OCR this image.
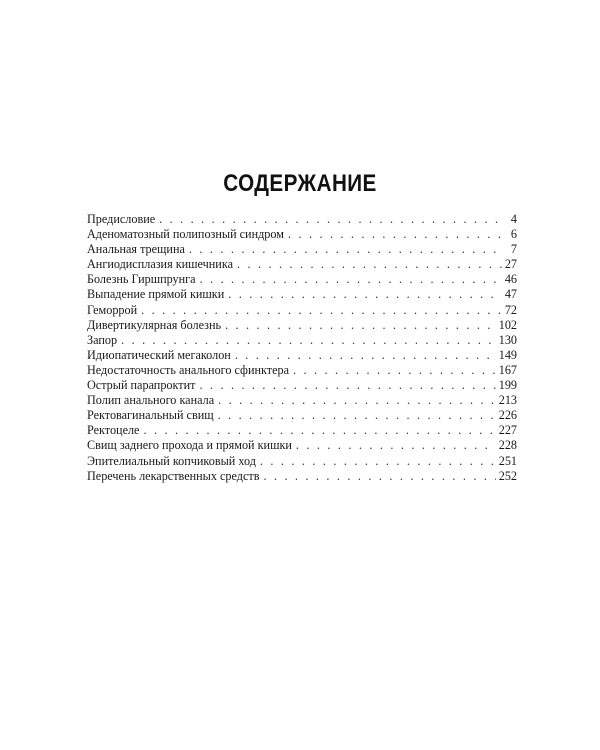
СОДЕРЖАНИЕ
Предисловие . . .	4
Аденоматозный полипозный синдром . . .	6
Анальная трещина . . .	7
Ангиодисплазия кишечника . . .	27
Болезнь Гиршпрунга . . .	46
Выпадение прямой кишки . . .	47
Геморрой . . .	72
Дивертикулярная болезнь . . .	102
Запор . . .	130
Идиопатический мегаколон . . .	149
Недостаточность анального сфинктера . . .	167
Острый парапроктит . . .	199
Полип анального канала . . .	213
Ректовагинальный свищ . . .	226
Ректоцеле . . .	227
Свищ заднего прохода и прямой кишки . . .	228
Эпителиальный копчиковый ход . . .	251
Перечень лекарственных средств . . .	252
